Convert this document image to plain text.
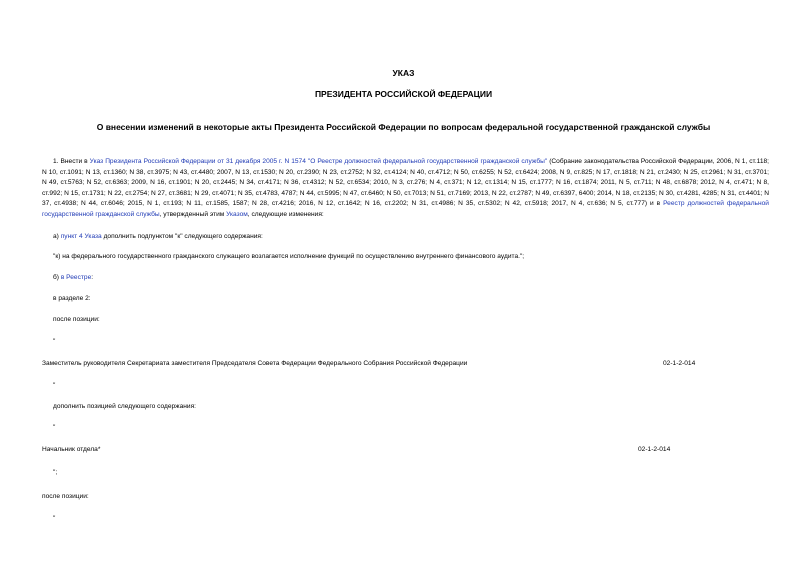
УКАЗ

ПРЕЗИДЕНТА РОССИЙСКОЙ ФЕДЕРАЦИИ

О внесении изменений в некоторые акты Президента Российской Федерации по вопросам федеральной государственной гражданской службы

1. Внести в Указ Президента Российской Федерации от 31 декабря 2005 г. N 1574 "О Реестре должностей федеральной государственной гражданской службы" (Собрание законодательства Российской Федерации, 2006, N 1, ст.118; N 10, ст.1091; N 13, ст.1360; N 38, ст.3975; N 43, ст.4480; 2007, N 13, ст.1530; N 20, ст.2390; N 23, ст.2752; N 32, ст.4124; N 40, ст.4712; N 50, ст.6255; N 52, ст.6424; 2008, N 9, ст.825; N 17, ст.1818; N 21, ст.2430; N 25, ст.2961; N 31, ст.3701; N 49, ст.5763; N 52, ст.6363; 2009, N 16, ст.1901; N 20, ст.2445; N 34, ст.4171; N 36, ст.4312; N 52, ст.6534; 2010, N 3, ст.276; N 4, ст.371; N 12, ст.1314; N 15, ст.1777; N 16, ст.1874; 2011, N 5, ст.711; N 48, ст.6878; 2012, N 4, ст.471; N 8, ст.992; N 15, ст.1731; N 22, ст.2754; N 27, ст.3681; N 29, ст.4071; N 35, ст.4783, 4787; N 44, ст.5995; N 47, ст.6460; N 50, ст.7013; N 51, ст.7169; 2013, N 22, ст.2787; N 49, ст.6397, 6400; 2014, N 18, ст.2135; N 30, ст.4281, 4285; N 31, ст.4401; N 37, ст.4938; N 44, ст.6046; 2015, N 1, ст.193; N 11, ст.1585, 1587; N 28, ст.4216; 2016, N 12, ст.1642; N 16, ст.2202; N 31, ст.4986; N 35, ст.5302; N 42, ст.5918; 2017, N 4, ст.636; N 5, ст.777) и в Реестр должностей федеральной государственной гражданской службы, утвержденный этим Указом, следующие изменения:

а) пункт 4 Указа дополнить подпунктом "к" следующего содержания:

"к) на федерального государственного гражданского служащего возлагается исполнение функций по осуществлению внутреннего финансового аудита.";

б) в Реестре:

в разделе 2:

после позиции:

"

Заместитель руководителя Секретариата заместителя Председателя Совета Федерации Федерального Собрания Российской Федерации	02-1-2-014

"

дополнить позицией следующего содержания:

"

Начальник отдела*	02-1-2-014

";

после позиции:

"
